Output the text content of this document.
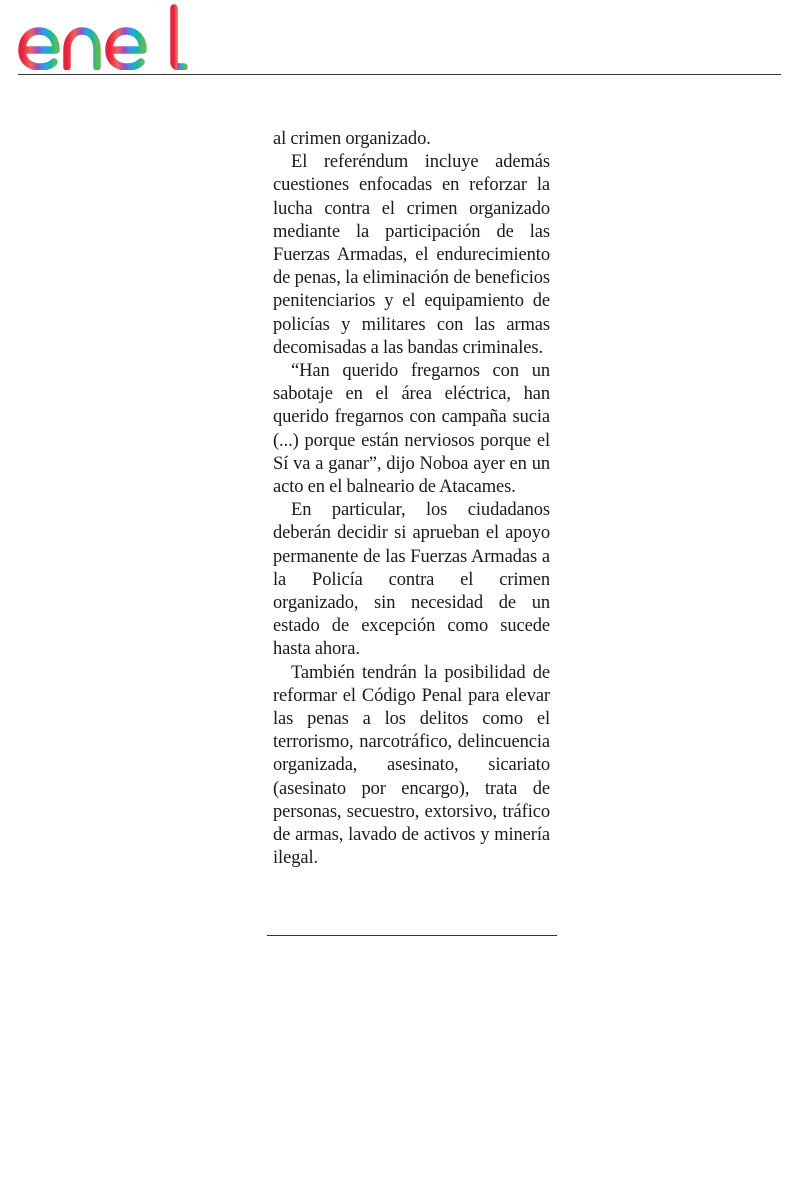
al crimen organizado.

El referéndum incluye además cuestiones enfocadas en reforzar la lucha contra el crimen organizado mediante la participación de las Fuerzas Armadas, el endurecimiento de penas, la eliminación de beneficios penitenciarios y el equipamiento de policías y militares con las armas decomisadas a las bandas criminales.

“Han querido fregarnos con un sabotaje en el área eléctrica, han querido fregarnos con campaña sucia (...) porque están nerviosos porque el Sí va a ganar”, dijo Noboa ayer en un acto en el balneario de Atacames.

En particular, los ciudadanos deberán decidir si aprueban el apoyo permanente de las Fuerzas Armadas a la Policía contra el crimen organizado, sin necesidad de un estado de excepción como sucede hasta ahora.

También tendrán la posibilidad de reformar el Código Penal para elevar las penas a los delitos como el terrorismo, narcotráfico, delincuencia organizada, asesinato, sicariato (asesinato por encargo), trata de personas, secuestro, extorsivo, tráfico de armas, lavado de activos y minería ilegal.
